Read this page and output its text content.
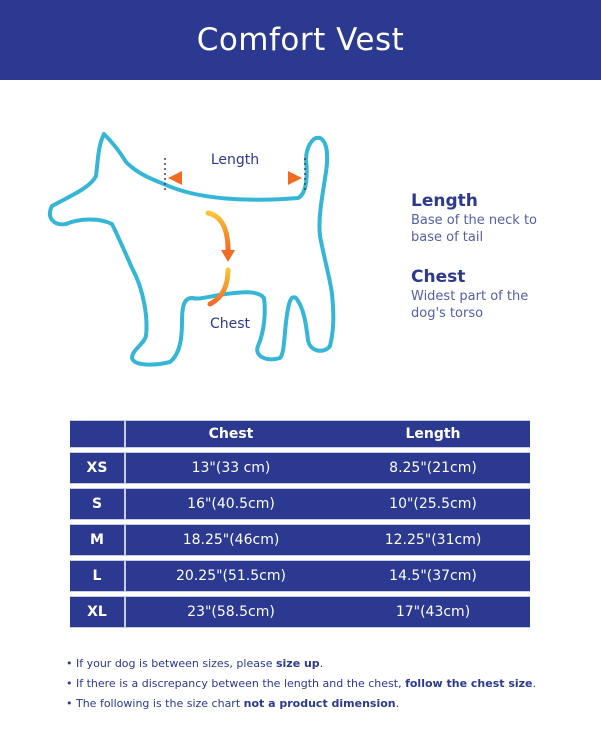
Comfort Vest
Length
Chest
Length
Base of the neck to
base of tail
Chest
Widest part of the
dog's torso
	Chest	Length
XS	13"(33 cm)	8.25"(21cm)
S	16"(40.5cm)	10"(25.5cm)
M	18.25"(46cm)	12.25"(31cm)
L	20.25"(51.5cm)	14.5"(37cm)
XL	23"(58.5cm)	17"(43cm)
• If your dog is between sizes, please size up.
• If there is a discrepancy between the length and the chest, follow the chest size.
• The following is the size chart not a product dimension.
